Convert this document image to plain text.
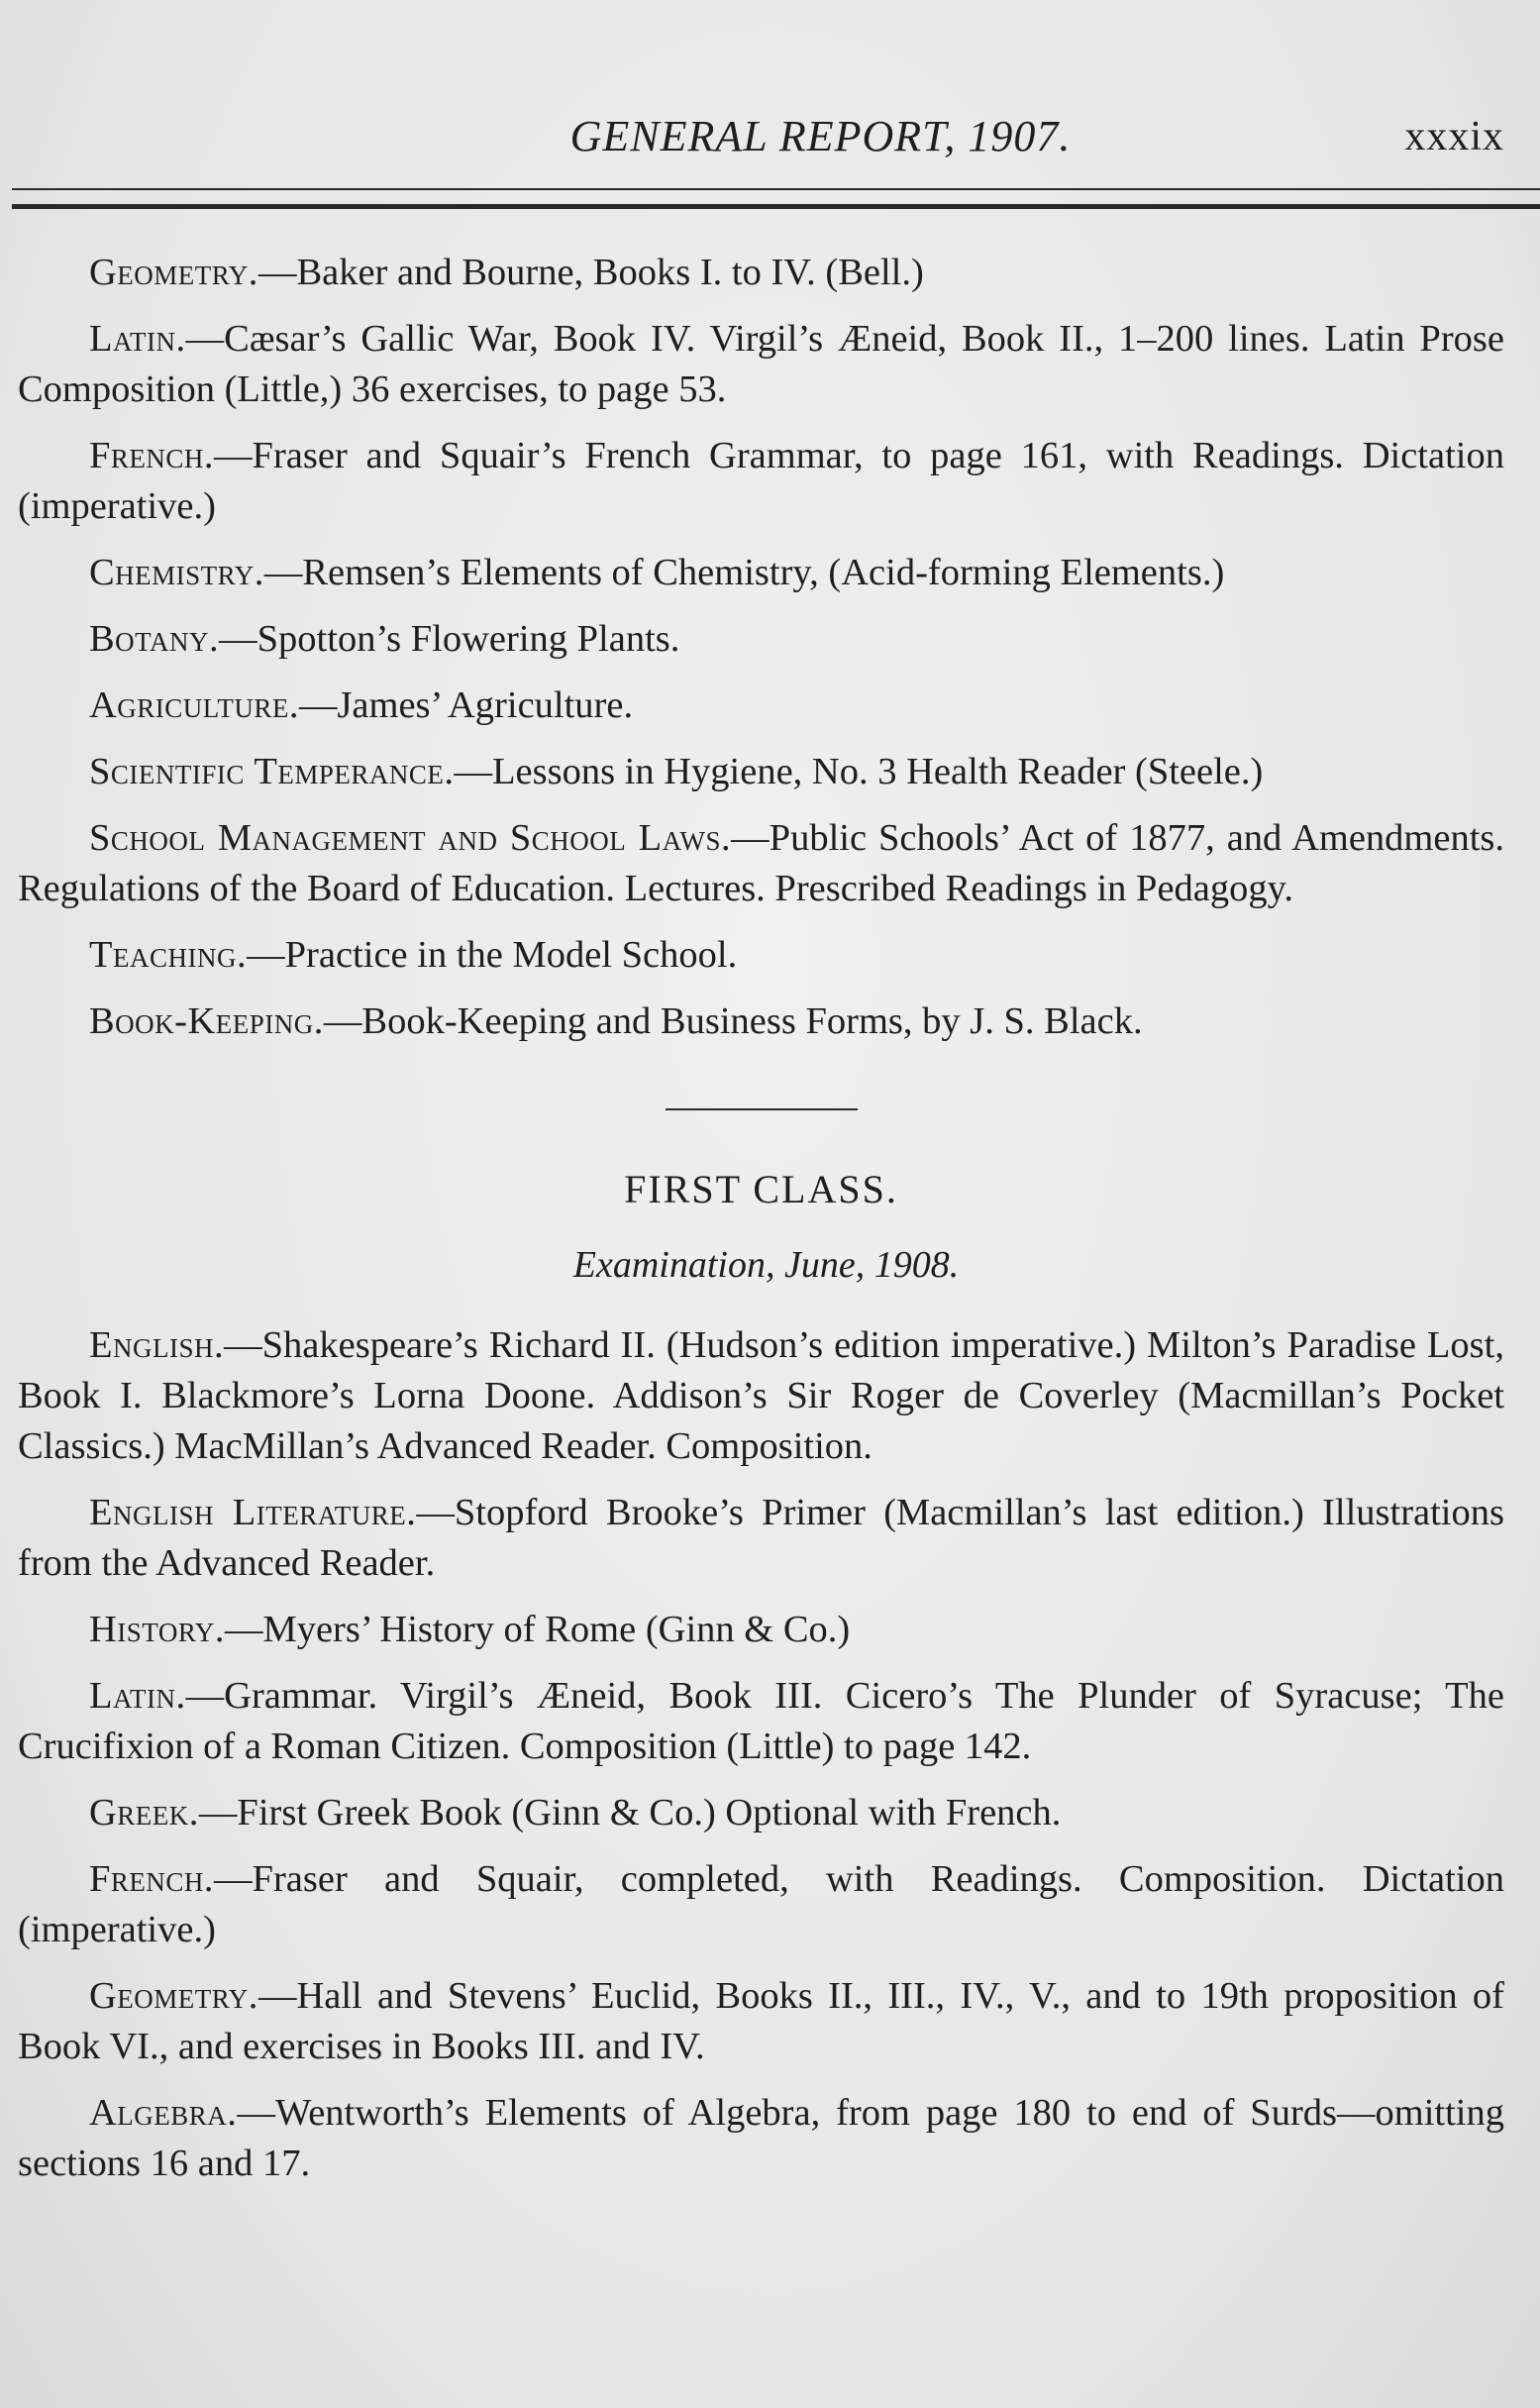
GENERAL REPORT, 1907.	xxxix

Geometry.—Baker and Bourne, Books I. to IV. (Bell.)

Latin.—Cæsar’s Gallic War, Book IV. Virgil’s Æneid, Book II., 1–200 lines. Latin Prose Composition (Little,) 36 exercises, to page 53.

French.—Fraser and Squair’s French Grammar, to page 161, with Readings. Dictation (imperative.)

Chemistry.—Remsen’s Elements of Chemistry, (Acid-forming Elements.)

Botany.—Spotton’s Flowering Plants.

Agriculture.—James’ Agriculture.

Scientific Temperance.—Lessons in Hygiene, No. 3 Health Reader (Steele.)

School Management and School Laws.—Public Schools’ Act of 1877, and Amendments. Regulations of the Board of Education. Lectures. Prescribed Readings in Pedagogy.

Teaching.—Practice in the Model School.

Book-Keeping.—Book-Keeping and Business Forms, by J. S. Black.

FIRST CLASS.
Examination, June, 1908.

English.—Shakespeare’s Richard II. (Hudson’s edition imperative.) Milton’s Paradise Lost, Book I. Blackmore’s Lorna Doone. Addison’s Sir Roger de Coverley (Macmillan’s Pocket Classics.) MacMillan’s Advanced Reader. Composition.

English Literature.—Stopford Brooke’s Primer (Macmillan’s last edition.) Illustrations from the Advanced Reader.

History.—Myers’ History of Rome (Ginn & Co.)

Latin.—Grammar. Virgil’s Æneid, Book III. Cicero’s The Plunder of Syracuse; The Crucifixion of a Roman Citizen. Composition (Little) to page 142.

Greek.—First Greek Book (Ginn & Co.) Optional with French.

French.—Fraser and Squair, completed, with Readings. Composition. Dictation (imperative.)

Geometry.—Hall and Stevens’ Euclid, Books II., III., IV., V., and to 19th proposition of Book VI., and exercises in Books III. and IV.

Algebra.—Wentworth’s Elements of Algebra, from page 180 to end of Surds—omitting sections 16 and 17.
